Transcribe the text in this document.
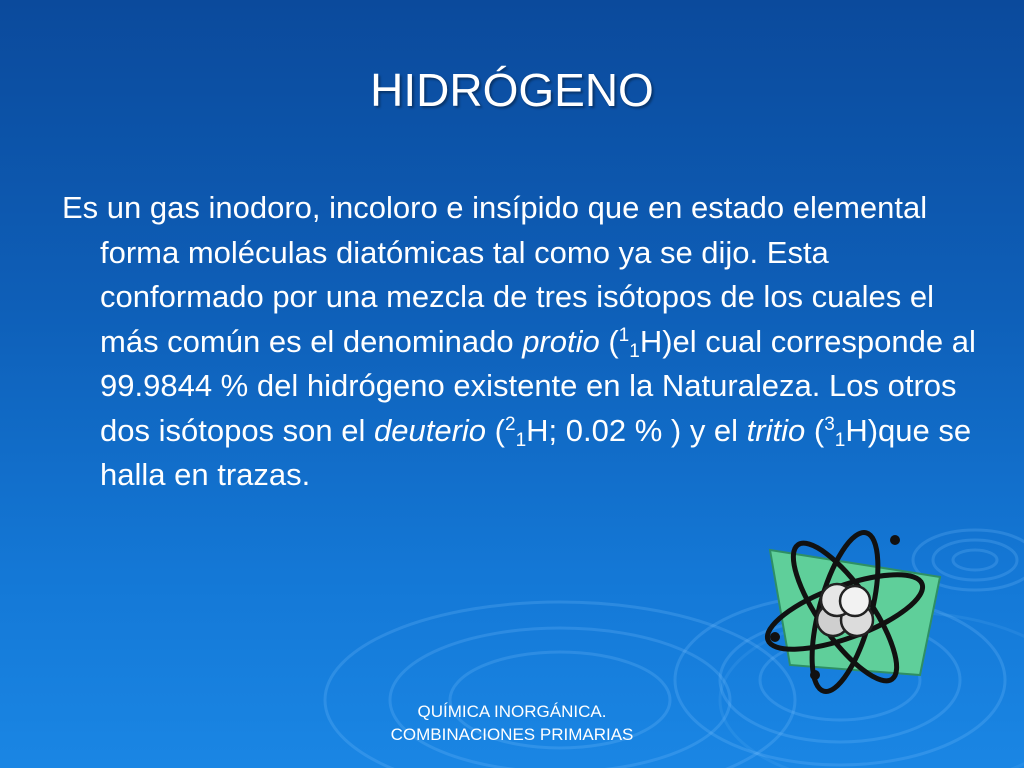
HIDRÓGENO
Es un gas inodoro, incoloro e insípido que en estado elemental forma moléculas diatómicas tal como ya se dijo. Esta conformado por una mezcla de tres isótopos de los cuales el más común es el denominado protio ($^1_1$H)el cual corresponde al 99.9844 % del hidrógeno existente en la Naturaleza. Los otros dos isótopos son el deuterio ($^2_1$H; 0.02 % ) y el tritio ($^3_1$H)que se halla en trazas.
QUÍMICA INORGÁNICA.
COMBINACIONES PRIMARIAS
